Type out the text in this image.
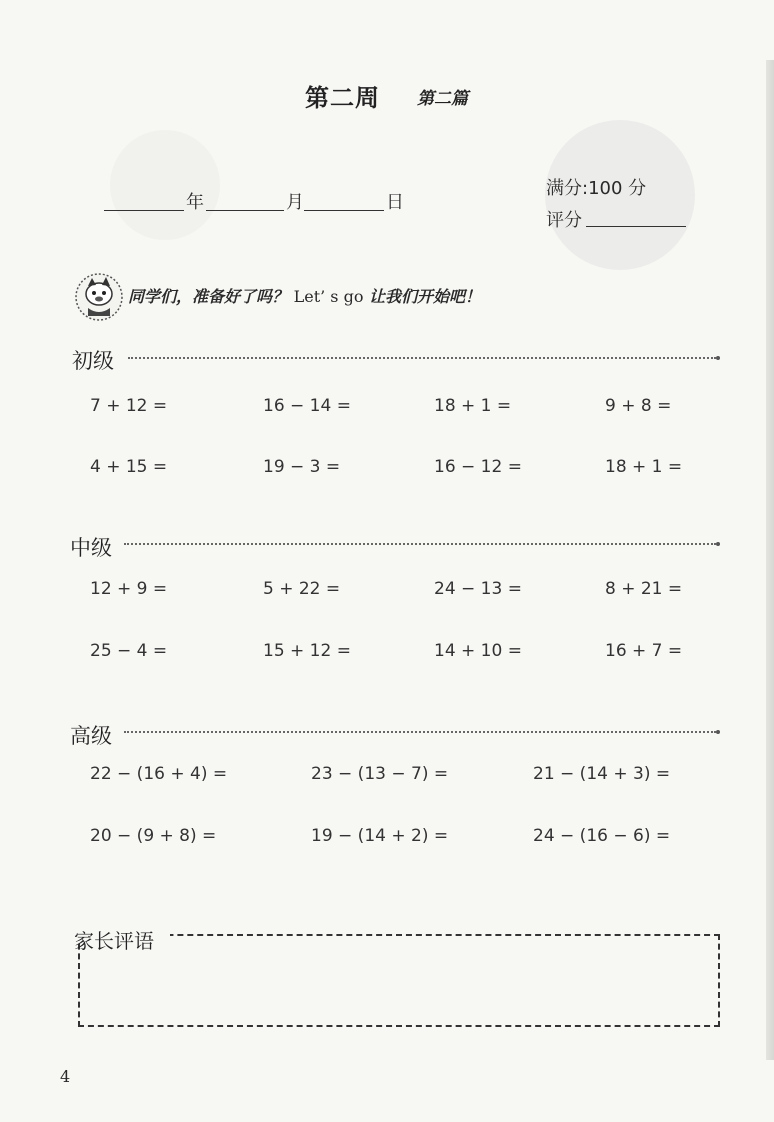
第二周 第二篇
年	月	日
满分:100 分
评分
同学们，准备好了吗？ Let’ s go 让我们开始吧！
初级
7 + 12 =	16 − 14 =	18 + 1 =	9 + 8 =
4 + 15 =	19 − 3 =	16 − 12 =	18 + 1 =
中级
12 + 9 =	5 + 22 =	24 − 13 =	8 + 21 =
25 − 4 =	15 + 12 =	14 + 10 =	16 + 7 =
高级
22 − (16 + 4) =	23 − (13 − 7) =	21 − (14 + 3) =
20 − (9 + 8) =	19 − (14 + 2) =	24 − (16 − 6) =
家长评语
4
